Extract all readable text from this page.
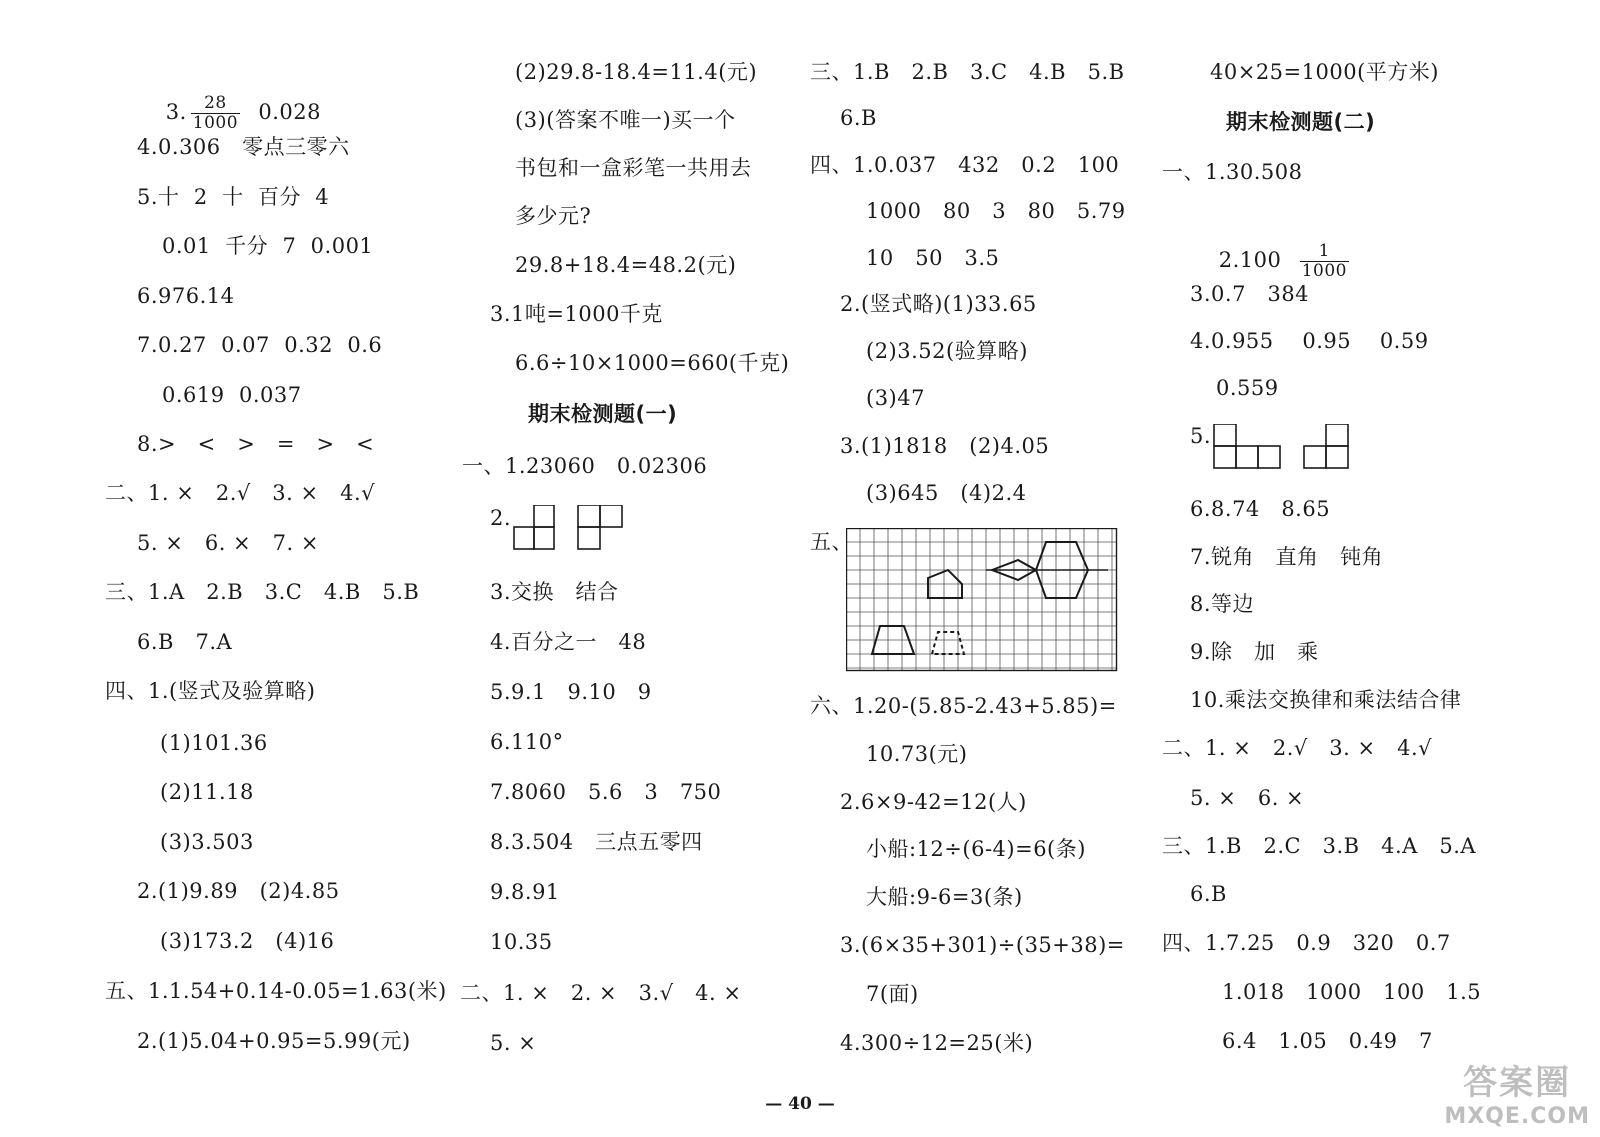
3. $\frac{28}{1000} 0.028$

4.0.306   零点三零六
5.十  2  十  百分  4
0.01  千分  7  0.001
6.976.14
7.0.27  0.07  0.32  0.6
0.619  0.037
8.>   <   >   =   >   <
二、1. ×   2.√   3. ×   4.√
5. ×   6. ×   7. ×
三、1.A   2.B   3.C   4.B   5.B
6.B   7.A
四、1.(竖式及验算略)
(1)101.36
(2)11.18
(3)3.503
2.(1)9.89   (2)4.85
(3)173.2   (4)16
五、1.1.54+0.14-0.05=1.63(米)
2.(1)5.04+0.95=5.99(元)
(2)29.8-18.4=11.4(元)
(3)(答案不唯一)买一个
书包和一盒彩笔一共用去
多少元?
29.8+18.4=48.2(元)
3.1吨=1000千克
6.6÷10×1000=660(千克)
期末检测题(一)
一、1.23060   0.02306
2.
3.交换   结合
4.百分之一   48
5.9.1   9.10   9
6.110°
7.8060   5.6   3   750
8.3.504   三点五零四
9.8.91
10.35
二、1. ×   2. ×   3.√   4. ×
5. ×
三、1.B   2.B   3.C   4.B   5.B
6.B
四、1.0.037   432   0.2   100
1000   80   3   80   5.79
10   50   3.5
2.(竖式略)(1)33.65
(2)3.52(验算略)
(3)47
3.(1)1818   (2)4.05
(3)645   (4)2.4
五、
六、1.20-(5.85-2.43+5.85)=
10.73(元)
2.6×9-42=12(人)
小船:12÷(6-4)=6(条)
大船:9-6=3(条)
3.(6×35+301)÷(35+38)=
7(面)
4.300÷12=25(米)
40×25=1000(平方米)
期末检测题(二)
一、1.30.508

$2.100 \frac{1}{1000}$

3.0.7   384
4.0.955    0.95    0.59
0.559
5.
6.8.74   8.65
7.锐角   直角   钝角
8.等边
9.除   加   乘
10.乘法交换律和乘法结合律
二、1. ×   2.√   3. ×   4.√
5. ×   6. ×
三、1.B   2.C   3.B   4.A   5.A
6.B
四、1.7.25   0.9   320   0.7
1.018   1000   100   1.5
6.4   1.05   0.49   7
— 40 —
答案圈
MXQE.COM
